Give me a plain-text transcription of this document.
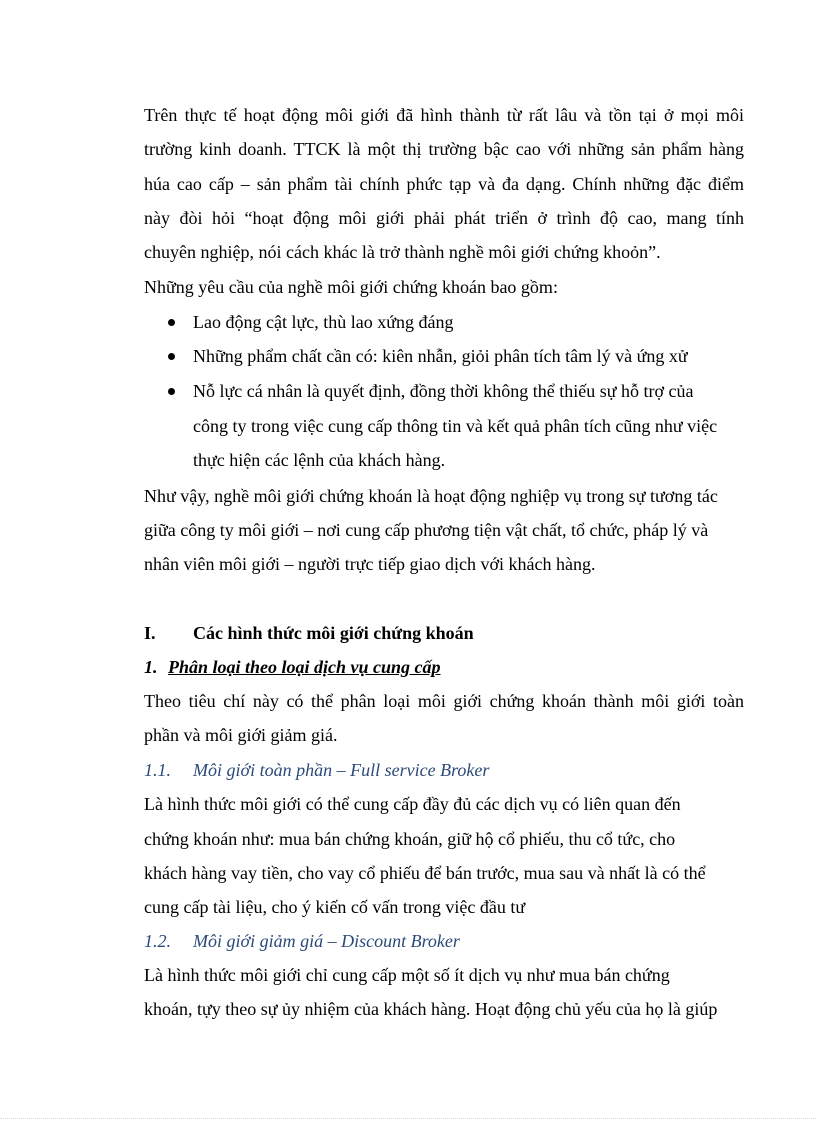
Trên thực tế hoạt động môi giới đã hình thành từ rất lâu và tồn tại ở mọi môi
trường kinh doanh. TTCK là một thị trường bậc cao với những sản phẩm hàng
húa cao cấp – sản phẩm tài chính phức tạp và đa dạng. Chính những đặc điểm
này đòi hỏi “hoạt động môi giới phải phát triển ở trình độ cao, mang tính
chuyên nghiệp, nói cách khác là trở thành nghề môi giới chứng khoỏn”.
Những yêu cầu của nghề môi giới chứng khoán bao gồm:
Lao động cật lực, thù lao xứng đáng
Những phẩm chất cần có: kiên nhẫn, giỏi phân tích tâm lý và ứng xử
Nỗ lực cá nhân là quyết định, đồng thời không thể thiếu sự hỗ trợ của
công ty trong việc cung cấp thông tin và kết quả phân tích cũng như việc
thực hiện các lệnh của khách hàng.
Như vậy, nghề môi giới chứng khoán là hoạt động nghiệp vụ trong sự tương tác
giữa công ty môi giới – nơi cung cấp phương tiện vật chất, tổ chức, pháp lý và
nhân viên môi giới – người trực tiếp giao dịch với khách hàng.
I. Các hình thức môi giới chứng khoán
1. Phân loại theo loại dịch vụ cung cấp
Theo tiêu chí này có thể phân loại môi giới chứng khoán thành môi giới toàn
phần và môi giới giảm giá.
1.1. Môi giới toàn phần – Full service Broker
Là hình thức môi giới có thể cung cấp đầy đủ các dịch vụ có liên quan đến
chứng khoán như: mua bán chứng khoán, giữ hộ cổ phiếu, thu cổ tức, cho
khách hàng vay tiền, cho vay cổ phiếu để bán trước, mua sau và nhất là có thể
cung cấp tài liệu, cho ý kiến cố vấn trong việc đầu tư
1.2. Môi giới giảm giá – Discount Broker
Là hình thức môi giới chỉ cung cấp một số ít dịch vụ như mua bán chứng
khoán, tựy theo sự ủy nhiệm của khách hàng. Hoạt động chủ yếu của họ là giúp
